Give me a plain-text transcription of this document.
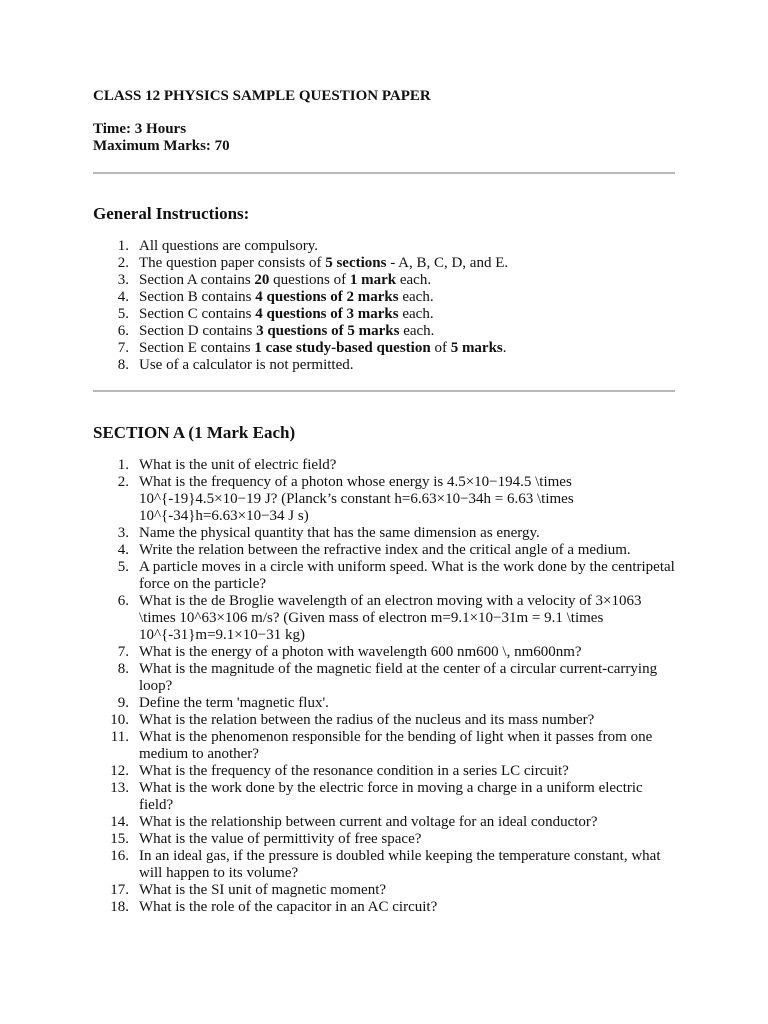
CLASS 12 PHYSICS SAMPLE QUESTION PAPER
Time: 3 Hours
Maximum Marks: 70
General Instructions:
1. All questions are compulsory.
2. The question paper consists of 5 sections - A, B, C, D, and E.
3. Section A contains 20 questions of 1 mark each.
4. Section B contains 4 questions of 2 marks each.
5. Section C contains 4 questions of 3 marks each.
6. Section D contains 3 questions of 5 marks each.
7. Section E contains 1 case study-based question of 5 marks.
8. Use of a calculator is not permitted.
SECTION A (1 Mark Each)
1. What is the unit of electric field?
2. What is the frequency of a photon whose energy is 4.5×10−194.5 \times 10^{-19}4.5×10−19 J? (Planck’s constant h=6.63×10−34h = 6.63 \times 10^{-34}h=6.63×10−34 J s)
3. Name the physical quantity that has the same dimension as energy.
4. Write the relation between the refractive index and the critical angle of a medium.
5. A particle moves in a circle with uniform speed. What is the work done by the centripetal force on the particle?
6. What is the de Broglie wavelength of an electron moving with a velocity of 3×1063 \times 10^63×106 m/s? (Given mass of electron m=9.1×10−31m = 9.1 \times 10^{-31}m=9.1×10−31 kg)
7. What is the energy of a photon with wavelength 600 nm600 \, nm600nm?
8. What is the magnitude of the magnetic field at the center of a circular current-carrying loop?
9. Define the term 'magnetic flux'.
10. What is the relation between the radius of the nucleus and its mass number?
11. What is the phenomenon responsible for the bending of light when it passes from one medium to another?
12. What is the frequency of the resonance condition in a series LC circuit?
13. What is the work done by the electric force in moving a charge in a uniform electric field?
14. What is the relationship between current and voltage for an ideal conductor?
15. What is the value of permittivity of free space?
16. In an ideal gas, if the pressure is doubled while keeping the temperature constant, what will happen to its volume?
17. What is the SI unit of magnetic moment?
18. What is the role of the capacitor in an AC circuit?
